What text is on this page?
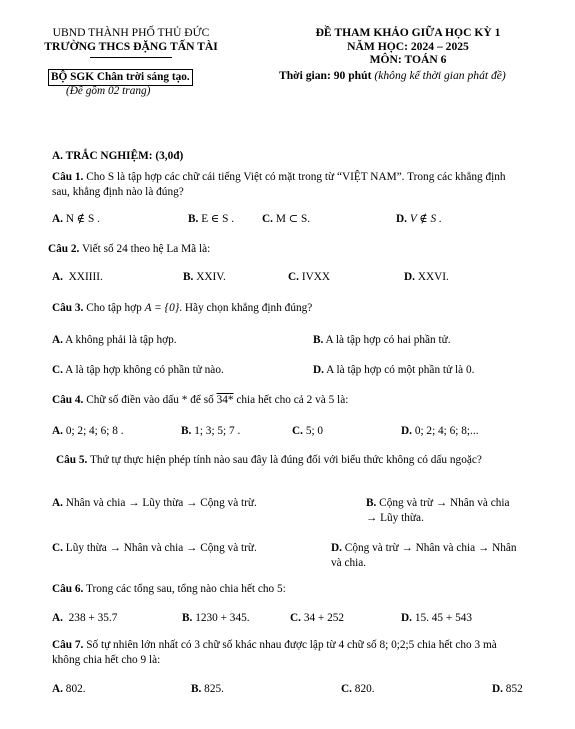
UBND THÀNH PHỐ THỦ ĐỨC
TRƯỜNG THCS ĐẶNG TẤN TÀI
BỘ SGK Chân trời sáng tạo.
(Đề gồm 02 trang)
ĐỀ THAM KHẢO GIỮA HỌC KỲ 1
NĂM HỌC: 2024 – 2025
MÔN: TOÁN 6
Thời gian: 90 phút (không kể thời gian phát đề)
A. TRẮC NGHIỆM: (3,0đ)
Câu 1. Cho S là tập hợp các chữ cái tiếng Việt có mặt trong từ “VIỆT NAM”. Trong các khẳng định sau, khẳng định nào là đúng?
A. N ∉ S .	B. E ∈ S . C. M ⊂ S.	D. V ∉ S .
Câu 2. Viết số 24 theo hệ La Mã là:
A. XXIIII.	B. XXIV.	C. IVXX	D. XXVI.
Câu 3. Cho tập hợp A = {0}. Hãy chọn khẳng định đúng?
A. A không phải là tập hợp.	B. A là tập hợp có hai phần tử.
C. A là tập hợp không có phần tử nào.	D. A là tập hợp có một phần tử là 0.
Câu 4. Chữ số điền vào dấu * để số 34* chia hết cho cả 2 và 5 là:
A. 0; 2; 4; 6; 8 .	B. 1; 3; 5; 7 .	C. 5; 0	D. 0; 2; 4; 6; 8;...
Câu 5. Thứ tự thực hiện phép tính nào sau đây là đúng đối với biểu thức không có dấu ngoặc?
A. Nhân và chia → Lũy thừa → Cộng và trừ.	B. Cộng và trừ → Nhân và chia → Lũy thừa.
C. Lũy thừa → Nhân và chia → Cộng và trừ.	D. Cộng và trừ → Nhân và chia → Nhân và chia.
Câu 6. Trong các tổng sau, tổng nào chia hết cho 5:
A. 238 + 35.7	B. 1230 + 345.	C. 34 + 252	D. 15. 45 + 543
Câu 7. Số tự nhiên lớn nhất có 3 chữ số khác nhau được lập từ 4 chữ số 8; 0;2;5 chia hết cho 3 mà không chia hết cho 9 là:
A. 802.	B. 825.	C. 820.	D. 852
